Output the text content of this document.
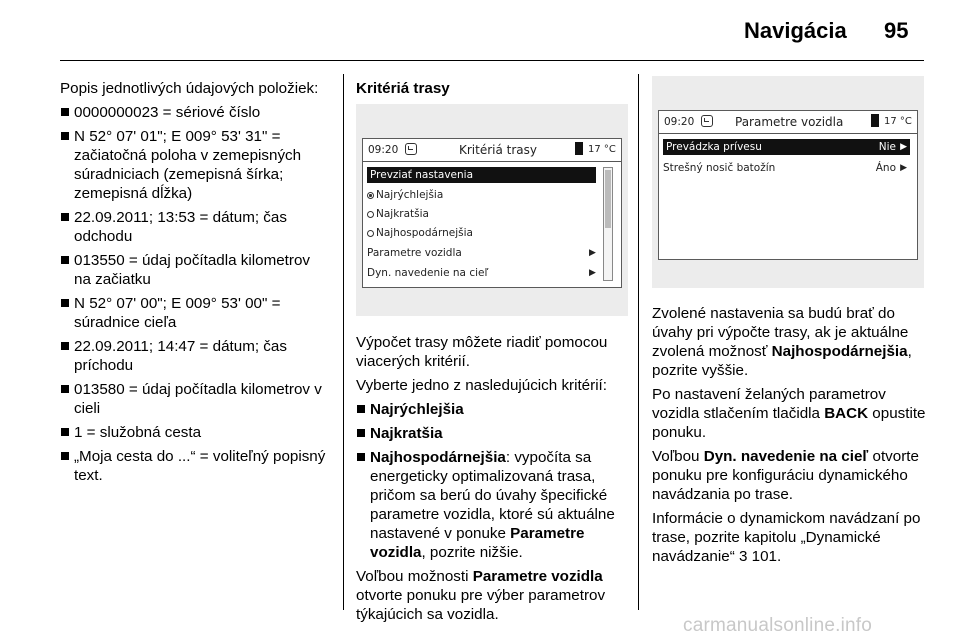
Navigácia 95

Popis jednotlivých údajových položiek:

0000000023 = sériové číslo
N 52° 07' 01"; E 009° 53' 31" = začiatočná poloha v zemepisných súradniciach (zemepisná šírka; zemepisná dĺžka)
22.09.2011; 13:53 = dátum; čas odchodu
013550 = údaj počítadla kilometrov na začiatku
N 52° 07' 00"; E 009° 53' 00" = súradnice cieľa
22.09.2011; 14:47 = dátum; čas príchodu
013580 = údaj počítadla kilometrov v cieli
1 = služobná cesta
„Moja cesta do ...“ = voliteľný popisný text.
Kritériá trasy
09:20	Kritériá trasy	17 °C
Prevziať nastavenia
Najrýchlejšia
Najkratšia
Najhospodárnejšia
Parametre vozidla	▶
Dyn. navedenie na cieľ	▶

Výpočet trasy môžete riadiť pomocou viacerých kritérií.

Vyberte jedno z nasledujúcich kritérií:

Najrýchlejšia
Najkratšia
Najhospodárnejšia: vypočíta sa energeticky optimalizovaná trasa, pričom sa berú do úvahy špecifické parametre vozidla, ktoré sú aktuálne nastavené v ponuke Parametre vozidla, pozrite nižšie.

Voľbou možnosti Parametre vozidla otvorte ponuku pre výber parametrov týkajúcich sa vozidla.

09:20	Parametre vozidla	17 °C
Prevádzka prívesu	Nie ▶
Strešný nosič batožín	Áno ▶

Zvolené nastavenia sa budú brať do úvahy pri výpočte trasy, ak je aktuálne zvolená možnosť Najhospodárnejšia, pozrite vyššie.

Po nastavení želaných parametrov vozidla stlačením tlačidla BACK opustite ponuku.

Voľbou Dyn. navedenie na cieľ otvorte ponuku pre konfiguráciu dynamického navádzania po trase.

Informácie o dynamickom navádzaní po trase, pozrite kapitolu „Dynamické navádzanie“ 3 101.

carmanualsonline.info
